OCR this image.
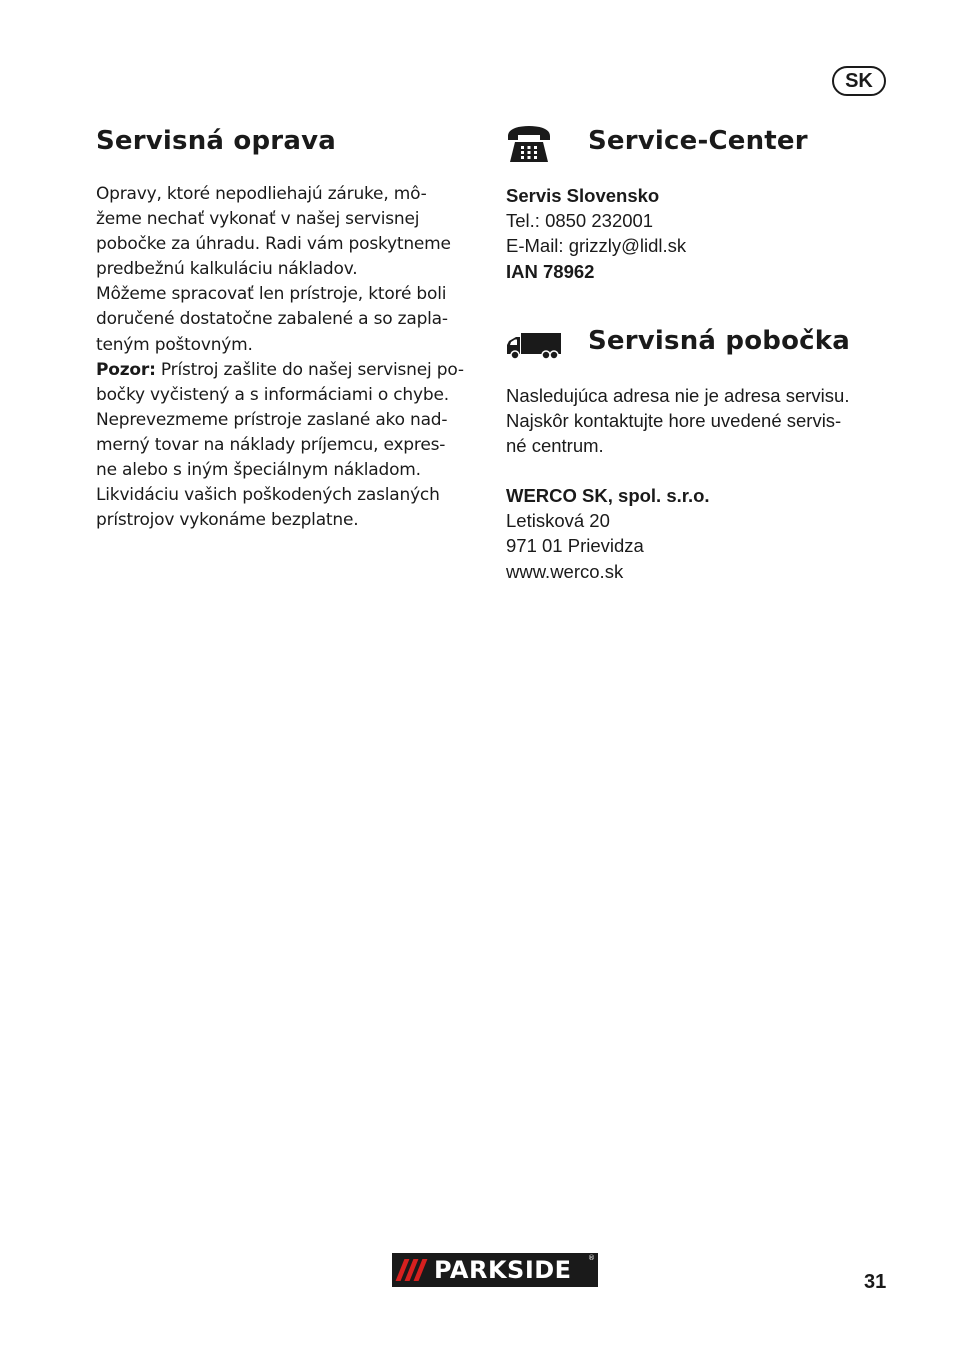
SK
Servisná oprava
Opravy, ktoré nepodliehajú záruke, mô-
žeme nechať vykonať v našej servisnej
pobočke za úhradu. Radi vám poskytneme
predbežnú kalkuláciu nákladov.
Môžeme spracovať len prístroje, ktoré boli
doručené dostatočne zabalené a so zapla-
teným poštovným.
Pozor: Prístroj zašlite do našej servisnej po-
bočky vyčistený a s informáciami o chybe.
Neprevezmeme prístroje zaslané ako nad-
merný tovar na náklady príjemcu, expres-
ne alebo s iným špeciálnym nákladom.
Likvidáciu vašich poškodených zaslaných
prístrojov vykonáme bezplatne.
Service-Center
Servis Slovensko
Tel.: 0850 232001
E-Mail: grizzly@lidl.sk
IAN 78962
Servisná pobočka
Nasledujúca adresa nie je adresa servisu.
Najskôr kontaktujte hore uvedené servis-
né centrum.
WERCO SK, spol. s.r.o.
Letisková 20
971 01 Prievidza
www.werco.sk
PARKSIDE ®
31
